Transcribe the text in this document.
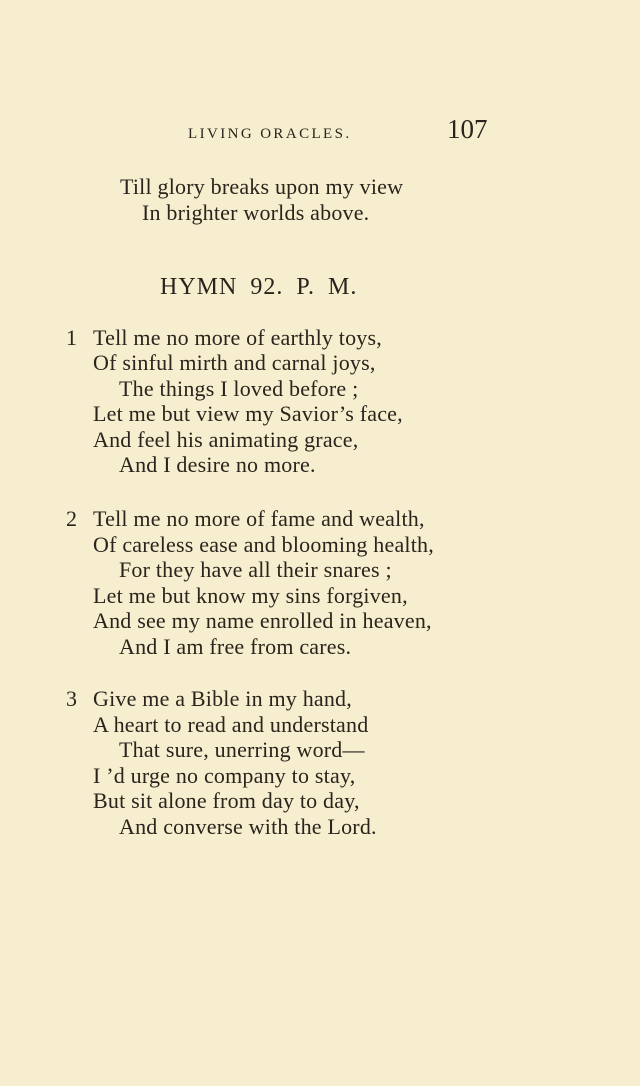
LIVING ORACLES.	107
Till glory breaks upon my view
In brighter worlds above.
HYMN 92. P. M.
1 Tell me no more of earthly toys,
Of sinful mirth and carnal joys,
The things I loved before ;
Let me but view my Savior’s face,
And feel his animating grace,
And I desire no more.
2 Tell me no more of fame and wealth,
Of careless ease and blooming health,
For they have all their snares ;
Let me but know my sins forgiven,
And see my name enrolled in heaven,
And I am free from cares.
3 Give me a Bible in my hand,
A heart to read and understand
That sure, unerring word—
I ’d urge no company to stay,
But sit alone from day to day,
And converse with the Lord.
